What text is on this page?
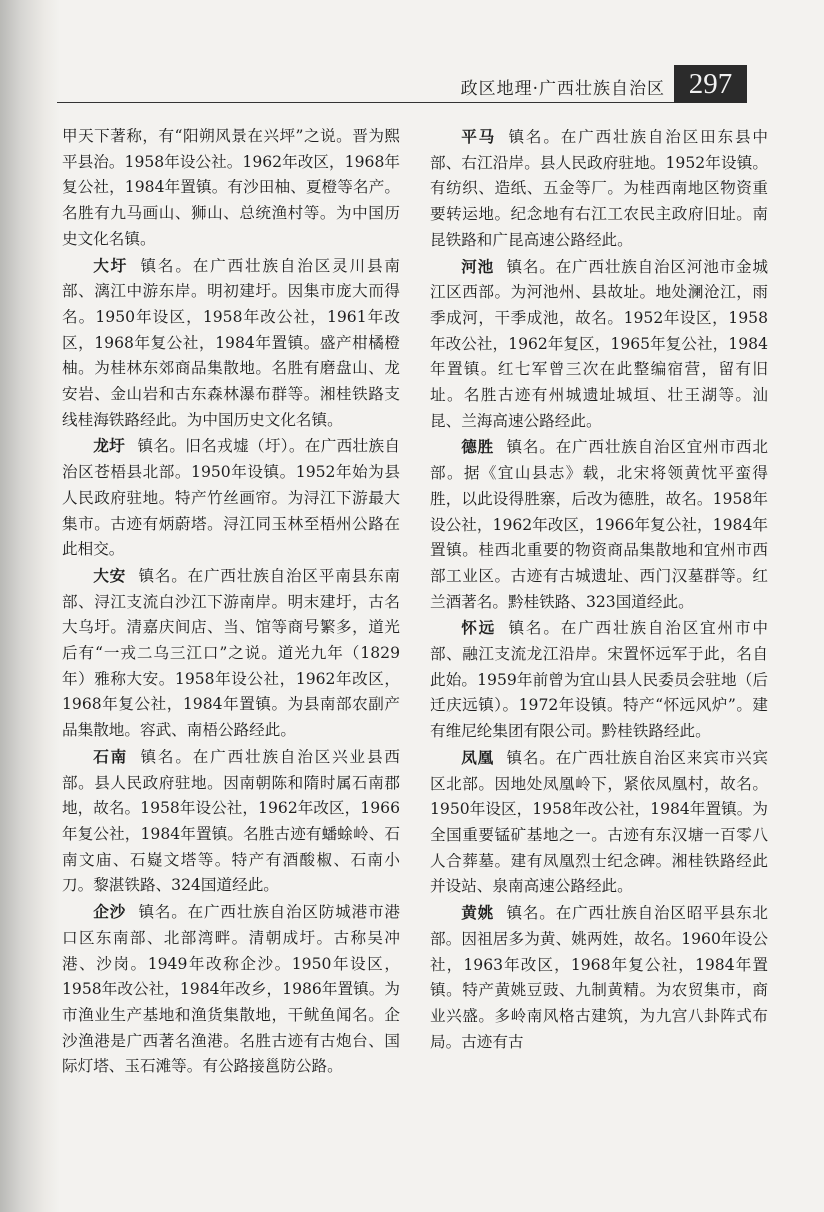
政区地理·广西壮族自治区 297

甲天下著称，有“阳朔风景在兴坪”之说。晋为熙平县治。1958年设公社。1962年改区，1968年复公社，1984年置镇。有沙田柚、夏橙等名产。名胜有九马画山、狮山、总统渔村等。为中国历史文化名镇。

大圩 镇名。在广西壮族自治区灵川县南部、漓江中游东岸。明初建圩。因集市庞大而得名。1950年设区，1958年改公社，1961年改区，1968年复公社，1984年置镇。盛产柑橘橙柚。为桂林东郊商品集散地。名胜有磨盘山、龙安岩、金山岩和古东森林瀑布群等。湘桂铁路支线桂海铁路经此。为中国历史文化名镇。

龙圩 镇名。旧名戎墟（圩）。在广西壮族自治区苍梧县北部。1950年设镇。1952年始为县人民政府驻地。特产竹丝画帘。为浔江下游最大集市。古迹有炳蔚塔。浔江同玉林至梧州公路在此相交。

大安 镇名。在广西壮族自治区平南县东南部、浔江支流白沙江下游南岸。明末建圩，古名大乌圩。清嘉庆间店、当、馆等商号繁多，道光后有“一戎二乌三江口”之说。道光九年（1829年）雅称大安。1958年设公社，1962年改区，1968年复公社，1984年置镇。为县南部农副产品集散地。容武、南梧公路经此。

石南 镇名。在广西壮族自治区兴业县西部。县人民政府驻地。因南朝陈和隋时属石南郡地，故名。1958年设公社，1962年改区，1966年复公社，1984年置镇。名胜古迹有蟠蜍岭、石南文庙、石嶷文塔等。特产有酒酸椒、石南小刀。黎湛铁路、324国道经此。

企沙 镇名。在广西壮族自治区防城港市港口区东南部、北部湾畔。清朝成圩。古称吴冲港、沙岗。1949年改称企沙。1950年设区，1958年改公社，1984年改乡，1986年置镇。为市渔业生产基地和渔货集散地，干鱿鱼闻名。企沙渔港是广西著名渔港。名胜古迹有古炮台、国际灯塔、玉石滩等。有公路接邕防公路。

平马 镇名。在广西壮族自治区田东县中部、右江沿岸。县人民政府驻地。1952年设镇。有纺织、造纸、五金等厂。为桂西南地区物资重要转运地。纪念地有右江工农民主政府旧址。南昆铁路和广昆高速公路经此。

河池 镇名。在广西壮族自治区河池市金城江区西部。为河池州、县故址。地处澜沧江，雨季成河，干季成池，故名。1952年设区，1958年改公社，1962年复区，1965年复公社，1984年置镇。红七军曾三次在此整编宿营，留有旧址。名胜古迹有州城遗址城垣、壮王湖等。汕昆、兰海高速公路经此。

德胜 镇名。在广西壮族自治区宜州市西北部。据《宜山县志》载，北宋将领黄忱平蛮得胜，以此设得胜寨，后改为德胜，故名。1958年设公社，1962年改区，1966年复公社，1984年置镇。桂西北重要的物资商品集散地和宜州市西部工业区。古迹有古城遗址、西门汉墓群等。红兰酒著名。黔桂铁路、323国道经此。

怀远 镇名。在广西壮族自治区宜州市中部、融江支流龙江沿岸。宋置怀远军于此，名自此始。1959年前曾为宜山县人民委员会驻地（后迁庆远镇）。1972年设镇。特产“怀远风炉”。建有维尼纶集团有限公司。黔桂铁路经此。

凤凰 镇名。在广西壮族自治区来宾市兴宾区北部。因地处凤凰岭下，紧依凤凰村，故名。1950年设区，1958年改公社，1984年置镇。为全国重要锰矿基地之一。古迹有东汉塘一百零八人合葬墓。建有凤凰烈士纪念碑。湘桂铁路经此并设站、泉南高速公路经此。

黄姚 镇名。在广西壮族自治区昭平县东北部。因祖居多为黄、姚两姓，故名。1960年设公社，1963年改区，1968年复公社，1984年置镇。特产黄姚豆豉、九制黄精。为农贸集市，商业兴盛。多岭南风格古建筑，为九宫八卦阵式布局。古迹有古
